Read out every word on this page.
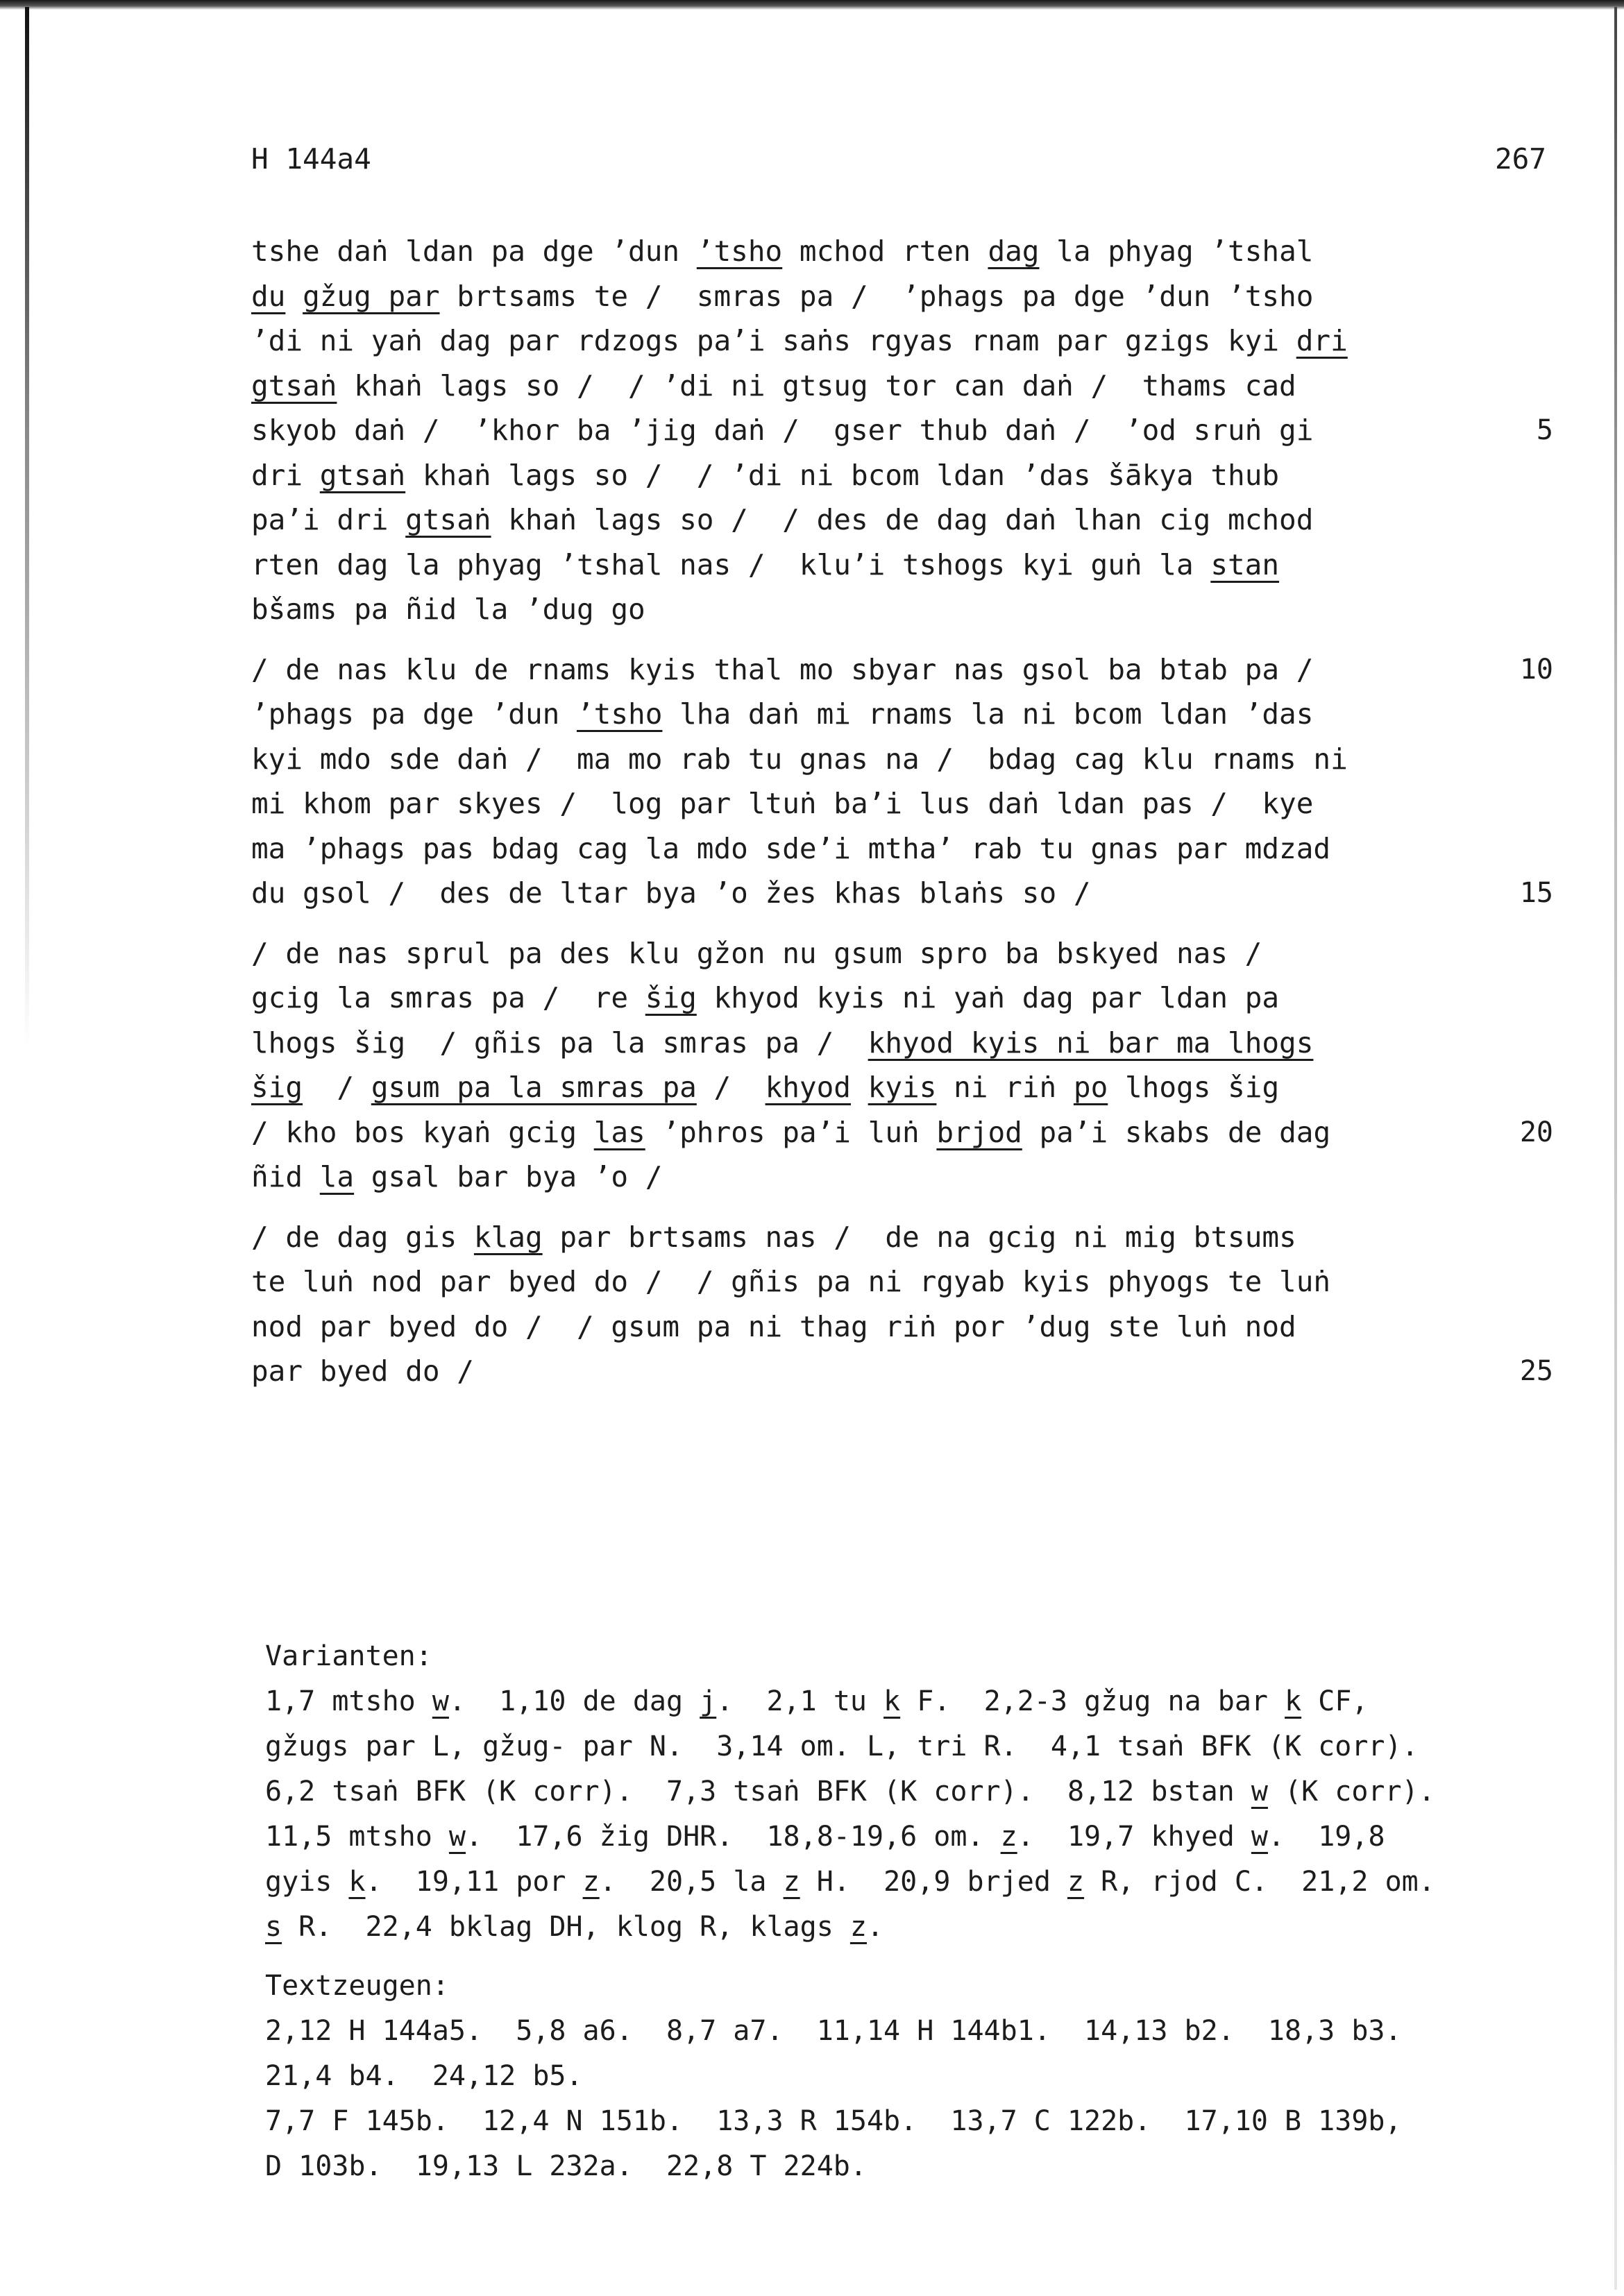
H 144a4	267
tshe daṅ ldan pa dge ’dun ’tsho mchod rten dag la phyag ’tshal
du gžug par brtsams te /  smras pa /  ’phags pa dge ’dun ’tsho
’di ni yaṅ dag par rdzogs pa’i saṅs rgyas rnam par gzigs kyi dri
gtsaṅ khaṅ lags so /  / ’di ni gtsug tor can daṅ /  thams cad
skyob daṅ /  ’khor ba ’jig daṅ /  gser thub daṅ /  ’od sruṅ gi	5
dri gtsaṅ khaṅ lags so /  / ’di ni bcom ldan ’das šākya thub
pa’i dri gtsaṅ khaṅ lags so /  / des de dag daṅ lhan cig mchod
rten dag la phyag ’tshal nas /  klu’i tshogs kyi guṅ la stan
bšams pa ñid la ’dug go
/ de nas klu de rnams kyis thal mo sbyar nas gsol ba btab pa /	10
’phags pa dge ’dun ’tsho lha daṅ mi rnams la ni bcom ldan ’das
kyi mdo sde daṅ /  ma mo rab tu gnas na /  bdag cag klu rnams ni
mi khom par skyes /  log par ltuṅ ba’i lus daṅ ldan pas /  kye
ma ’phags pas bdag cag la mdo sde’i mtha’ rab tu gnas par mdzad
du gsol /  des de ltar bya ’o žes khas blaṅs so /	15
/ de nas sprul pa des klu gžon nu gsum spro ba bskyed nas /
gcig la smras pa /  re šig khyod kyis ni yaṅ dag par ldan pa
lhogs šig  / gñis pa la smras pa /  khyod kyis ni bar ma lhogs
šig  / gsum pa la smras pa /  khyod kyis ni riṅ po lhogs šig
/ kho bos kyaṅ gcig las ’phros pa’i luṅ brjod pa’i skabs de dag	20
ñid la gsal bar bya ’o /
/ de dag gis klag par brtsams nas /  de na gcig ni mig btsums
te luṅ nod par byed do /  / gñis pa ni rgyab kyis phyogs te luṅ
nod par byed do /  / gsum pa ni thag riṅ por ’dug ste luṅ nod
par byed do /	25
Varianten:
1,7 mtsho w.  1,10 de dag j.  2,1 tu k F.  2,2-3 gžug na bar k CF,
gžugs par L, gžug- par N.  3,14 om. L, tri R.  4,1 tsaṅ BFK (K corr).
6,2 tsaṅ BFK (K corr).  7,3 tsaṅ BFK (K corr).  8,12 bstan w (K corr).
11,5 mtsho w.  17,6 žig DHR.  18,8-19,6 om. z.  19,7 khyed w.  19,8
gyis k.  19,11 por z.  20,5 la z H.  20,9 brjed z R, rjod C.  21,2 om.
s R.  22,4 bklag DH, klog R, klags z.
Textzeugen:
2,12 H 144a5.  5,8 a6.  8,7 a7.  11,14 H 144b1.  14,13 b2.  18,3 b3.
21,4 b4.  24,12 b5.
7,7 F 145b.  12,4 N 151b.  13,3 R 154b.  13,7 C 122b.  17,10 B 139b,
D 103b.  19,13 L 232a.  22,8 T 224b.
